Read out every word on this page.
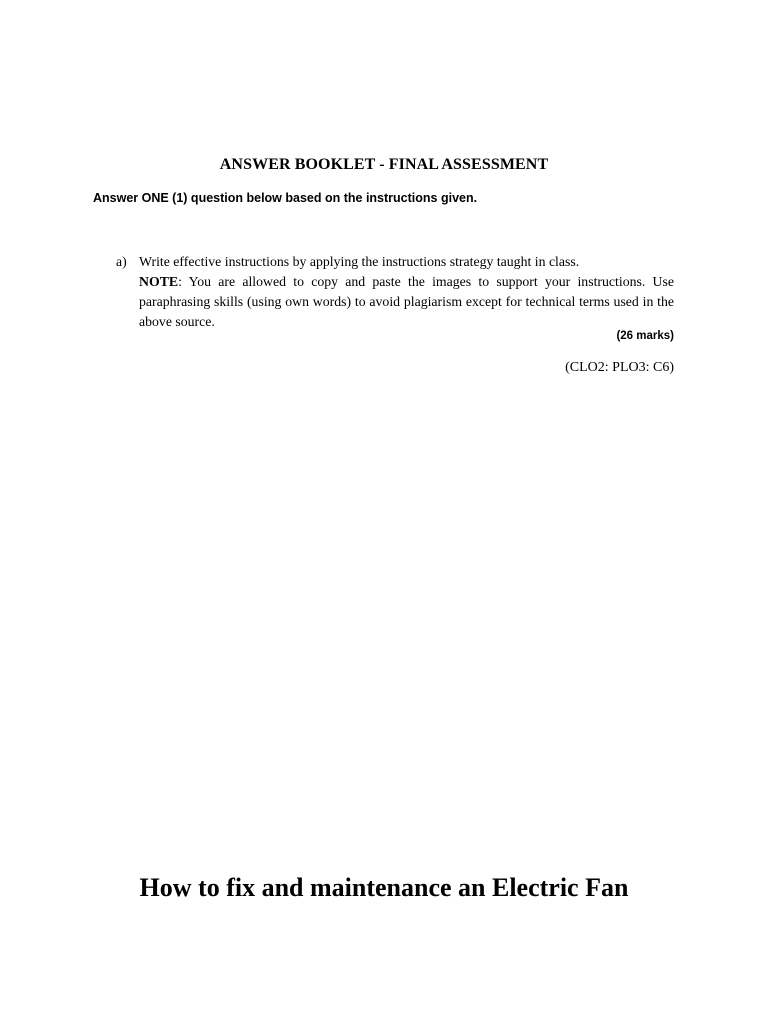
ANSWER BOOKLET - FINAL ASSESSMENT

Answer ONE (1) question below based on the instructions given.

a) Write effective instructions by applying the instructions strategy taught in class.

NOTE: You are allowed to copy and paste the images to support your instructions. Use paraphrasing skills (using own words) to avoid plagiarism except for technical terms used in the above source.

(26 marks)

(CLO2: PLO3: C6)

How to fix and maintenance an Electric Fan
